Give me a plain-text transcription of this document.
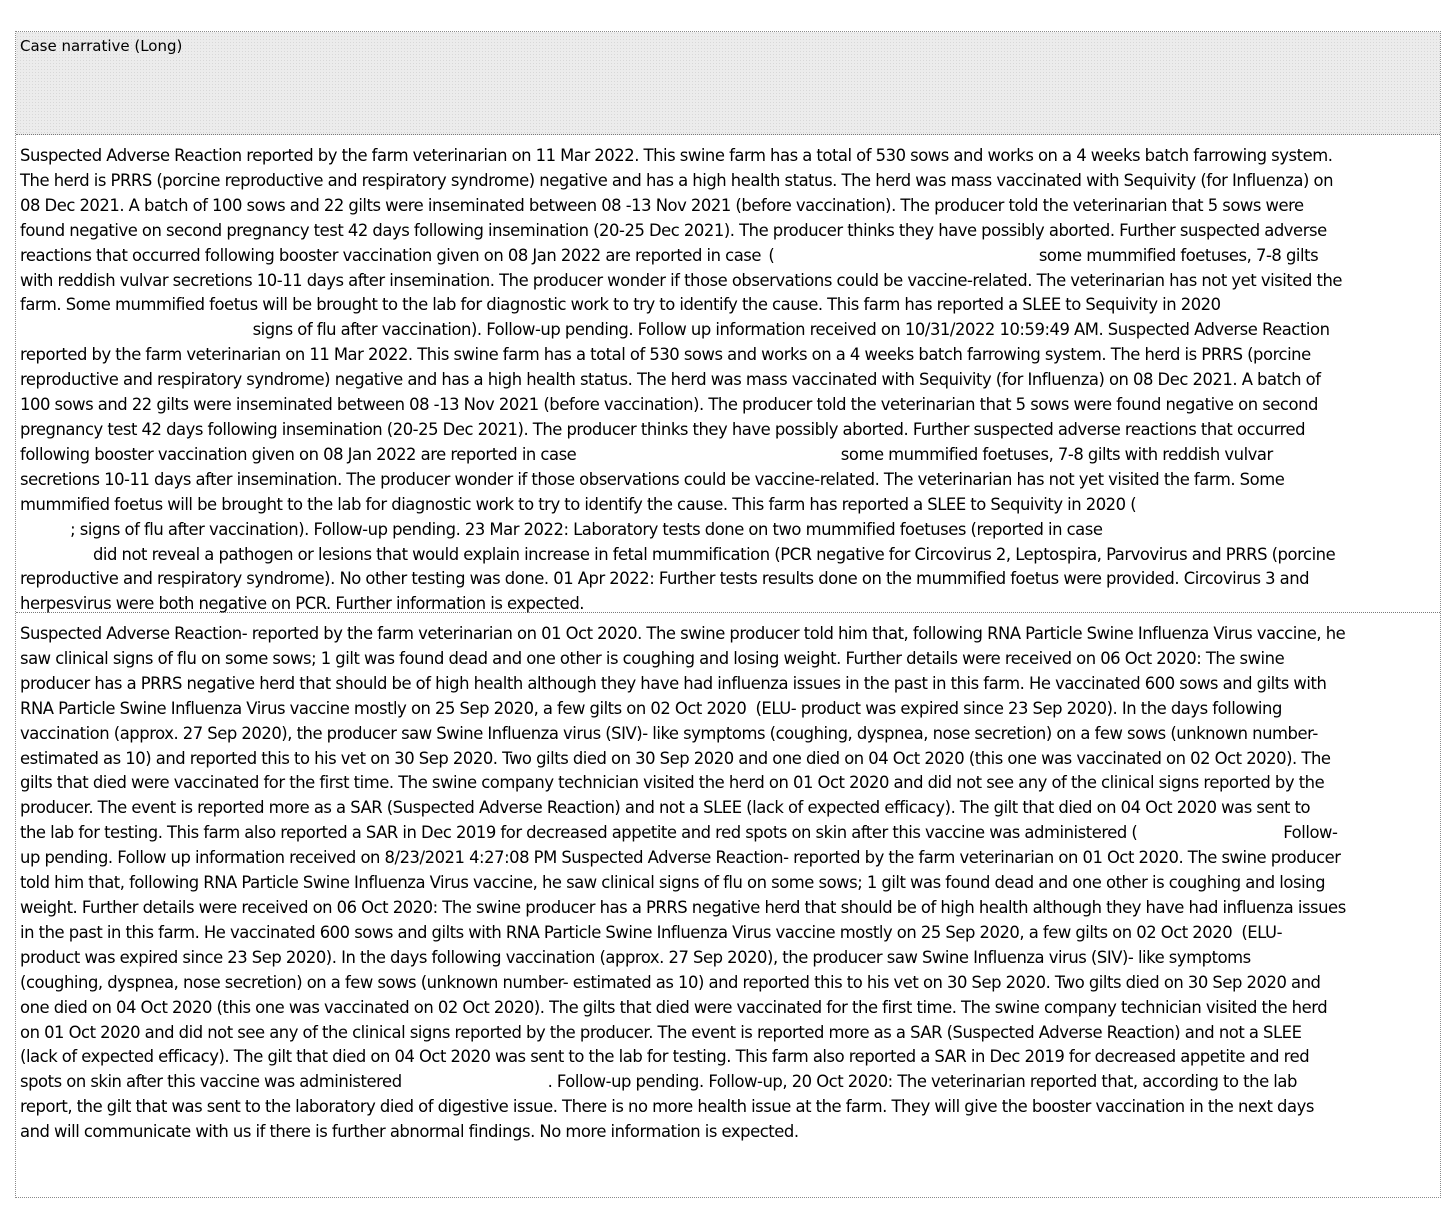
Case narrative (Long)

Suspected Adverse Reaction reported by the farm veterinarian on 11 Mar 2022. This swine farm has a total of 530 sows and works on a 4 weeks batch farrowing system.

The herd is PRRS (porcine reproductive and respiratory syndrome) negative and has a high health status. The herd was mass vaccinated with Sequivity (for Influenza) on

08 Dec 2021. A batch of 100 sows and 22 gilts were inseminated between 08 -13 Nov 2021 (before vaccination). The producer told the veterinarian that 5 sows were

found negative on second pregnancy test 42 days following insemination (20-25 Dec 2021). The producer thinks they have possibly aborted. Further suspected adverse

reactions that occurred following booster vaccination given on 08 Jan 2022 are reported in case  (                                                          some mummified foetuses, 7-8 gilts

with reddish vulvar secretions 10-11 days after insemination. The producer wonder if those observations could be vaccine-related. The veterinarian has not yet visited the

farm. Some mummified foetus will be brought to the lab for diagnostic work to try to identify the cause. This farm has reported a SLEE to Sequivity in 2020

signs of flu after vaccination). Follow-up pending. Follow up information received on 10/31/2022 10:59:49 AM. Suspected Adverse Reaction

reported by the farm veterinarian on 11 Mar 2022. This swine farm has a total of 530 sows and works on a 4 weeks batch farrowing system. The herd is PRRS (porcine

reproductive and respiratory syndrome) negative and has a high health status. The herd was mass vaccinated with Sequivity (for Influenza) on 08 Dec 2021. A batch of

100 sows and 22 gilts were inseminated between 08 -13 Nov 2021 (before vaccination). The producer told the veterinarian that 5 sows were found negative on second

pregnancy test 42 days following insemination (20-25 Dec 2021). The producer thinks they have possibly aborted. Further suspected adverse reactions that occurred

following booster vaccination given on 08 Jan 2022 are reported in case                                                          some mummified foetuses, 7-8 gilts with reddish vulvar

secretions 10-11 days after insemination. The producer wonder if those observations could be vaccine-related. The veterinarian has not yet visited the farm. Some

mummified foetus will be brought to the lab for diagnostic work to try to identify the cause. This farm has reported a SLEE to Sequivity in 2020 (

; signs of flu after vaccination). Follow-up pending. 23 Mar 2022: Laboratory tests done on two mummified foetuses (reported in case

did not reveal a pathogen or lesions that would explain increase in fetal mummification (PCR negative for Circovirus 2, Leptospira, Parvovirus and PRRS (porcine

reproductive and respiratory syndrome). No other testing was done. 01 Apr 2022: Further tests results done on the mummified foetus were provided. Circovirus 3 and

herpesvirus were both negative on PCR. Further information is expected.

Suspected Adverse Reaction- reported by the farm veterinarian on 01 Oct 2020. The swine producer told him that, following RNA Particle Swine Influenza Virus vaccine, he

saw clinical signs of flu on some sows; 1 gilt was found dead and one other is coughing and losing weight. Further details were received on 06 Oct 2020: The swine

producer has a PRRS negative herd that should be of high health although they have had influenza issues in the past in this farm. He vaccinated 600 sows and gilts with

RNA Particle Swine Influenza Virus vaccine mostly on 25 Sep 2020, a few gilts on 02 Oct 2020  (ELU- product was expired since 23 Sep 2020). In the days following

vaccination (approx. 27 Sep 2020), the producer saw Swine Influenza virus (SIV)- like symptoms (coughing, dyspnea, nose secretion) on a few sows (unknown number-

estimated as 10) and reported this to his vet on 30 Sep 2020. Two gilts died on 30 Sep 2020 and one died on 04 Oct 2020 (this one was vaccinated on 02 Oct 2020). The

gilts that died were vaccinated for the first time. The swine company technician visited the herd on 01 Oct 2020 and did not see any of the clinical signs reported by the

producer. The event is reported more as a SAR (Suspected Adverse Reaction) and not a SLEE (lack of expected efficacy). The gilt that died on 04 Oct 2020 was sent to

the lab for testing. This farm also reported a SAR in Dec 2019 for decreased appetite and red spots on skin after this vaccine was administered (                                Follow-

up pending. Follow up information received on 8/23/2021 4:27:08 PM Suspected Adverse Reaction- reported by the farm veterinarian on 01 Oct 2020. The swine producer

told him that, following RNA Particle Swine Influenza Virus vaccine, he saw clinical signs of flu on some sows; 1 gilt was found dead and one other is coughing and losing

weight. Further details were received on 06 Oct 2020: The swine producer has a PRRS negative herd that should be of high health although they have had influenza issues

in the past in this farm. He vaccinated 600 sows and gilts with RNA Particle Swine Influenza Virus vaccine mostly on 25 Sep 2020, a few gilts on 02 Oct 2020  (ELU-

product was expired since 23 Sep 2020). In the days following vaccination (approx. 27 Sep 2020), the producer saw Swine Influenza virus (SIV)- like symptoms

(coughing, dyspnea, nose secretion) on a few sows (unknown number- estimated as 10) and reported this to his vet on 30 Sep 2020. Two gilts died on 30 Sep 2020 and

one died on 04 Oct 2020 (this one was vaccinated on 02 Oct 2020). The gilts that died were vaccinated for the first time. The swine company technician visited the herd

on 01 Oct 2020 and did not see any of the clinical signs reported by the producer. The event is reported more as a SAR (Suspected Adverse Reaction) and not a SLEE

(lack of expected efficacy). The gilt that died on 04 Oct 2020 was sent to the lab for testing. This farm also reported a SAR in Dec 2019 for decreased appetite and red

spots on skin after this vaccine was administered                                . Follow-up pending. Follow-up, 20 Oct 2020: The veterinarian reported that, according to the lab

report, the gilt that was sent to the laboratory died of digestive issue. There is no more health issue at the farm. They will give the booster vaccination in the next days

and will communicate with us if there is further abnormal findings. No more information is expected.
